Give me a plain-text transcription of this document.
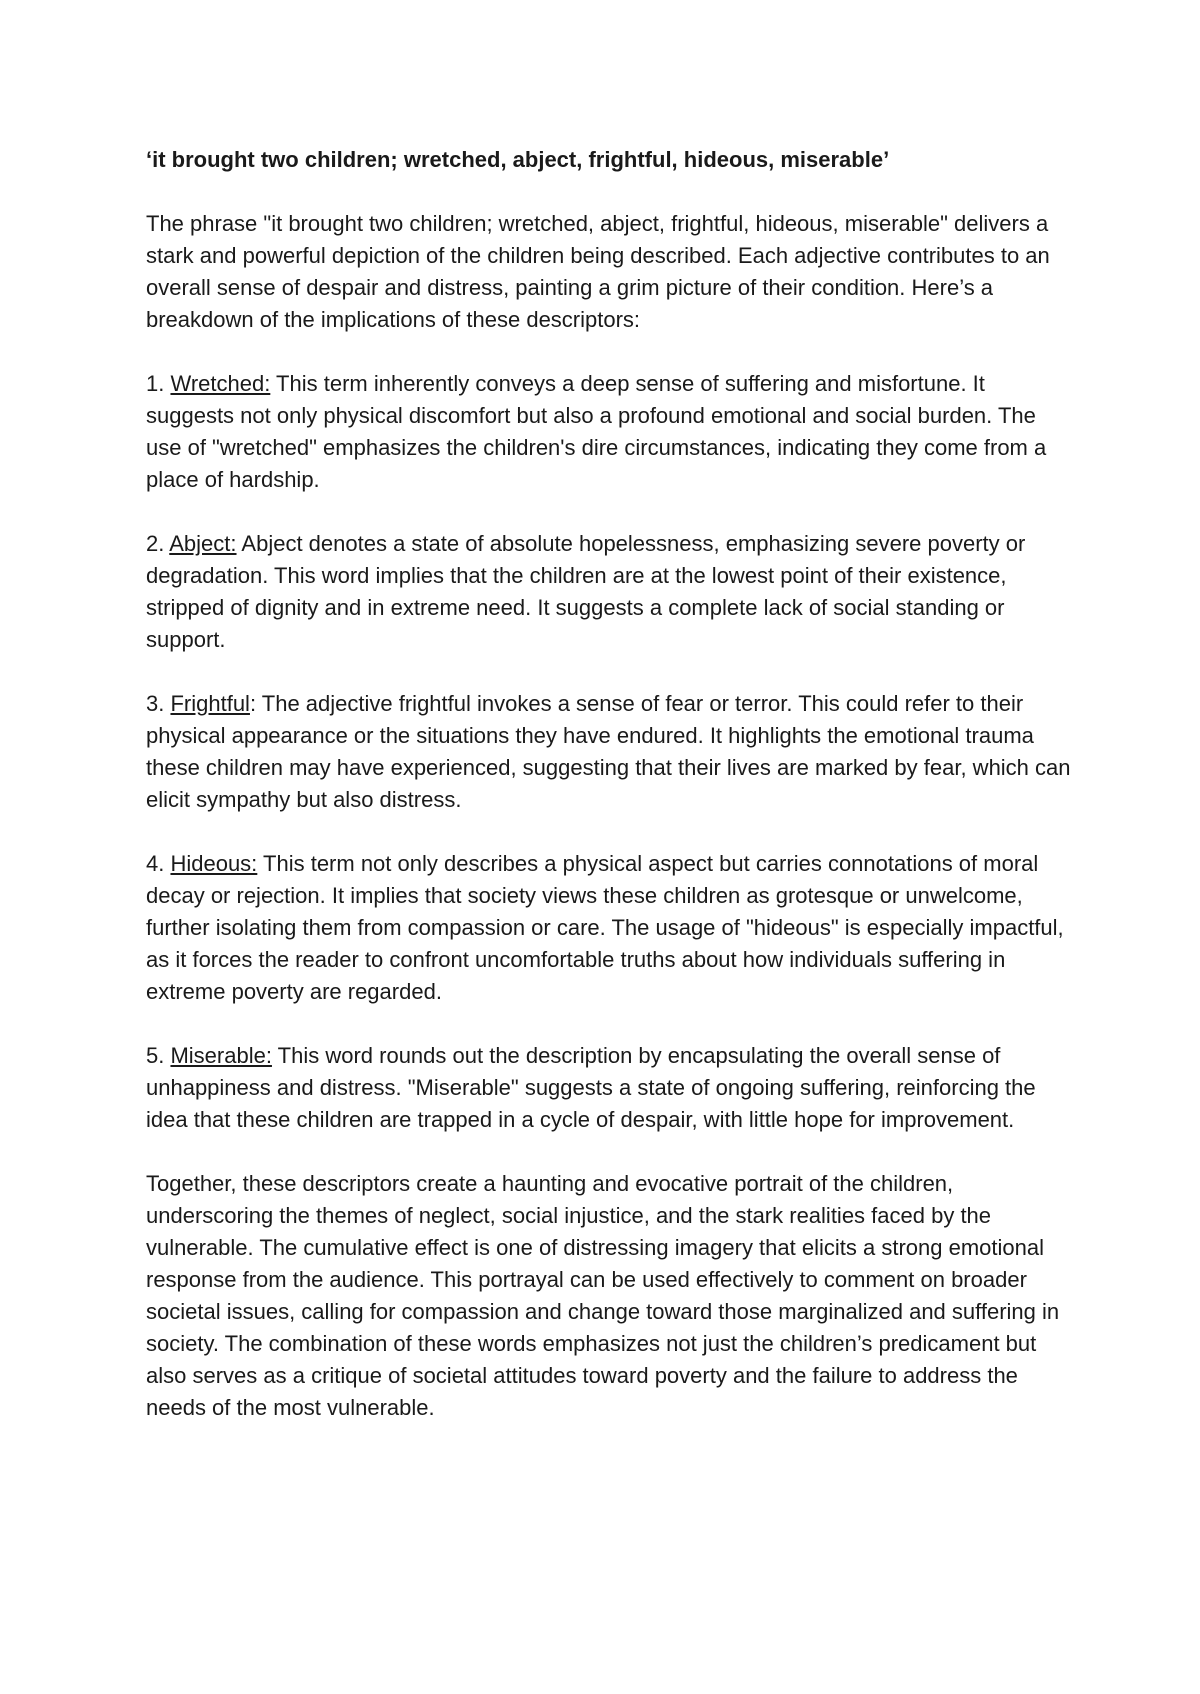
‘it brought two children; wretched, abject, frightful, hideous, miserable’

The phrase "it brought two children; wretched, abject, frightful, hideous, miserable" delivers a stark and powerful depiction of the children being described. Each adjective contributes to an overall sense of despair and distress, painting a grim picture of their condition. Here’s a breakdown of the implications of these descriptors:

1. Wretched: This term inherently conveys a deep sense of suffering and misfortune. It suggests not only physical discomfort but also a profound emotional and social burden. The use of "wretched" emphasizes the children's dire circumstances, indicating they come from a place of hardship.

2. Abject: Abject denotes a state of absolute hopelessness, emphasizing severe poverty or degradation. This word implies that the children are at the lowest point of their existence, stripped of dignity and in extreme need. It suggests a complete lack of social standing or support.

3. Frightful: The adjective frightful invokes a sense of fear or terror. This could refer to their physical appearance or the situations they have endured. It highlights the emotional trauma these children may have experienced, suggesting that their lives are marked by fear, which can elicit sympathy but also distress.

4. Hideous: This term not only describes a physical aspect but carries connotations of moral decay or rejection. It implies that society views these children as grotesque or unwelcome, further isolating them from compassion or care. The usage of "hideous" is especially impactful, as it forces the reader to confront uncomfortable truths about how individuals suffering in extreme poverty are regarded.

5. Miserable: This word rounds out the description by encapsulating the overall sense of unhappiness and distress. "Miserable" suggests a state of ongoing suffering, reinforcing the idea that these children are trapped in a cycle of despair, with little hope for improvement.

Together, these descriptors create a haunting and evocative portrait of the children, underscoring the themes of neglect, social injustice, and the stark realities faced by the vulnerable. The cumulative effect is one of distressing imagery that elicits a strong emotional response from the audience. This portrayal can be used effectively to comment on broader societal issues, calling for compassion and change toward those marginalized and suffering in society. The combination of these words emphasizes not just the children’s predicament but also serves as a critique of societal attitudes toward poverty and the failure to address the needs of the most vulnerable.
